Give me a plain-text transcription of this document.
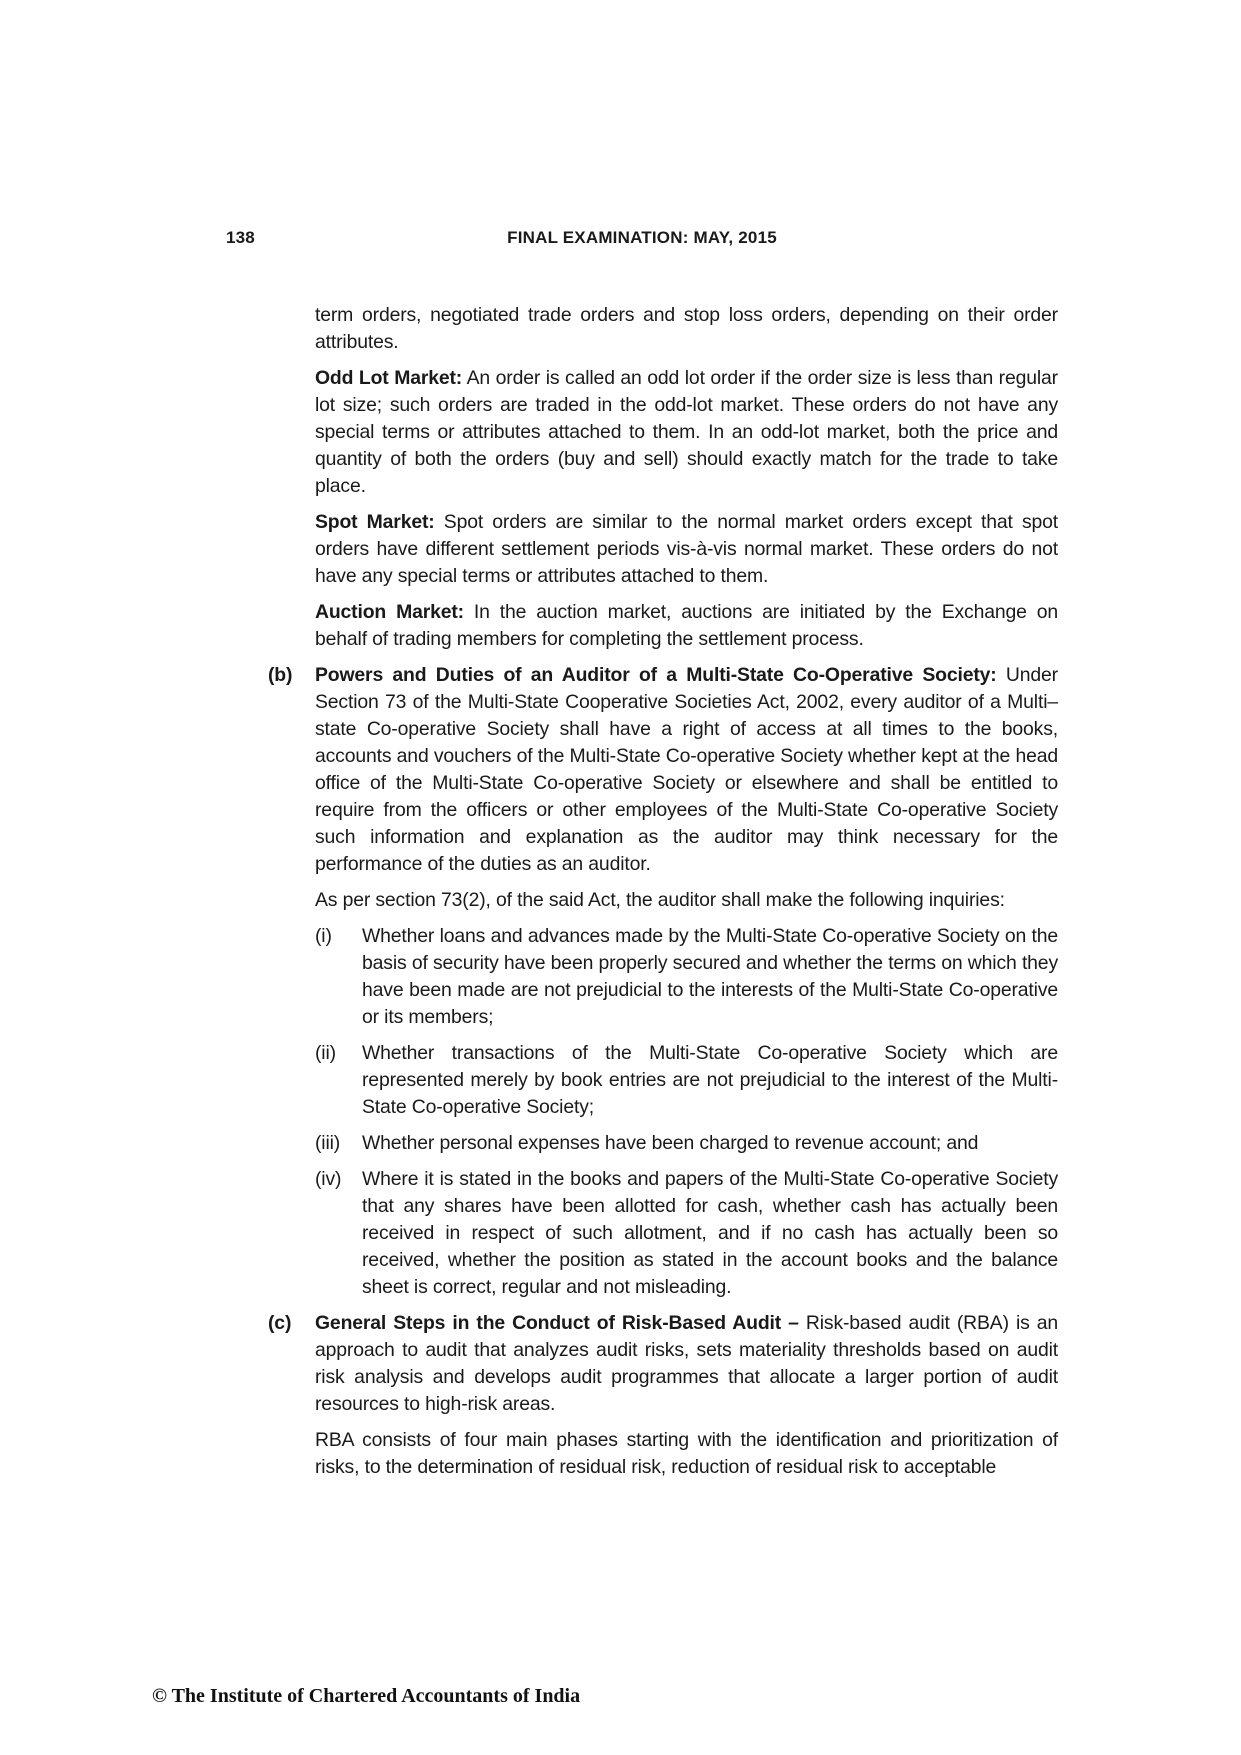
138	FINAL EXAMINATION: MAY, 2015

term orders, negotiated trade orders and stop loss orders, depending on their order attributes.

Odd Lot Market: An order is called an odd lot order if the order size is less than regular lot size; such orders are traded in the odd-lot market. These orders do not have any special terms or attributes attached to them. In an odd-lot market, both the price and quantity of both the orders (buy and sell) should exactly match for the trade to take place.

Spot Market: Spot orders are similar to the normal market orders except that spot orders have different settlement periods vis-à-vis normal market. These orders do not have any special terms or attributes attached to them.

Auction Market: In the auction market, auctions are initiated by the Exchange on behalf of trading members for completing the settlement process.

(b) Powers and Duties of an Auditor of a Multi-State Co-Operative Society: Under Section 73 of the Multi-State Cooperative Societies Act, 2002, every auditor of a Multi–state Co-operative Society shall have a right of access at all times to the books, accounts and vouchers of the Multi-State Co-operative Society whether kept at the head office of the Multi-State Co-operative Society or elsewhere and shall be entitled to require from the officers or other employees of the Multi-State Co-operative Society such information and explanation as the auditor may think necessary for the performance of the duties as an auditor.

As per section 73(2), of the said Act, the auditor shall make the following inquiries:

(i) Whether loans and advances made by the Multi-State Co-operative Society on the basis of security have been properly secured and whether the terms on which they have been made are not prejudicial to the interests of the Multi-State Co-operative or its members;
(ii) Whether transactions of the Multi-State Co-operative Society which are represented merely by book entries are not prejudicial to the interest of the Multi-State Co-operative Society;
(iii) Whether personal expenses have been charged to revenue account; and
(iv) Where it is stated in the books and papers of the Multi-State Co-operative Society that any shares have been allotted for cash, whether cash has actually been received in respect of such allotment, and if no cash has actually been so received, whether the position as stated in the account books and the balance sheet is correct, regular and not misleading.
(c) General Steps in the Conduct of Risk-Based Audit – Risk-based audit (RBA) is an approach to audit that analyzes audit risks, sets materiality thresholds based on audit risk analysis and develops audit programmes that allocate a larger portion of audit resources to high-risk areas.

RBA consists of four main phases starting with the identification and prioritization of risks, to the determination of residual risk, reduction of residual risk to acceptable

© The Institute of Chartered Accountants of India
